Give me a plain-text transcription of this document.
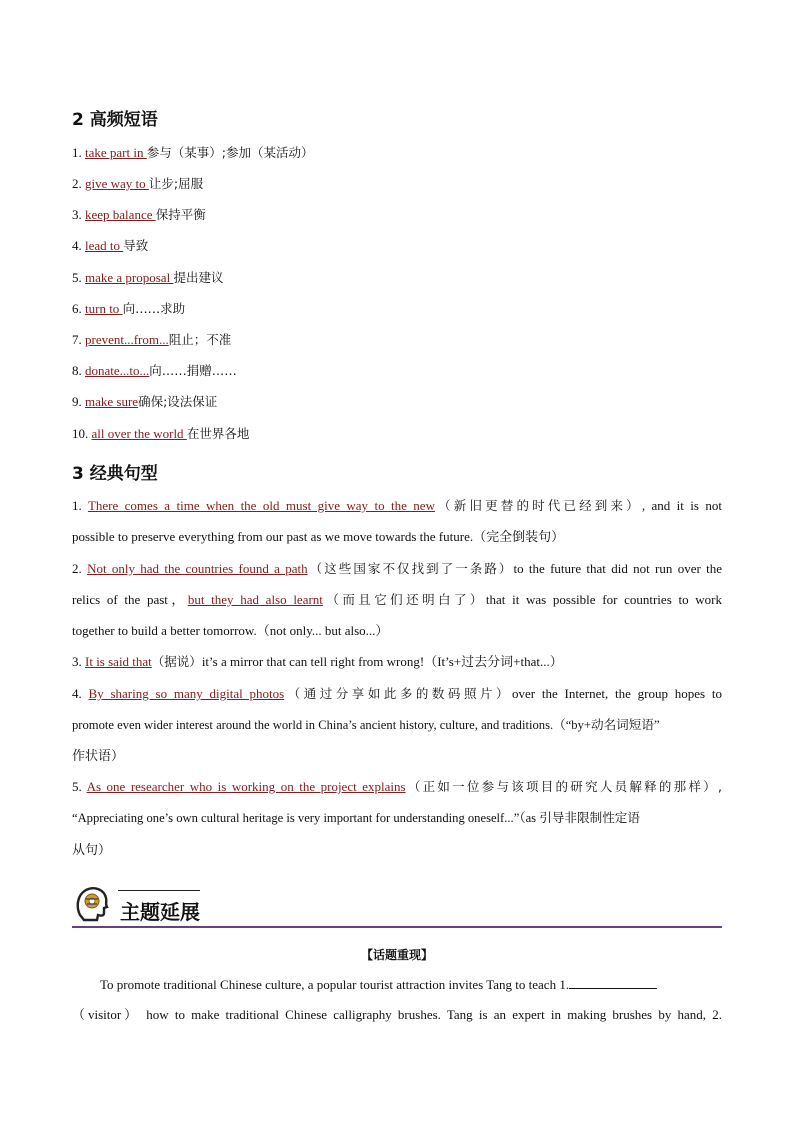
2 高频短语
1. take part in 参与（某事）;参加（某活动）
2. give way to 让步;屈服
3. keep balance 保持平衡
4. lead to 导致
5. make a proposal 提出建议
6. turn to 向……求助
7. prevent...from...阻止；不准
8. donate...to...向……捐赠……
9. make sure确保;设法保证
10. all over the world 在世界各地
3 经典句型
1. There comes a time when the old must give way to the new（新旧更替的时代已经到来）, and it is not
possible to preserve everything from our past as we move towards the future.（完全倒装句）
2. Not only had the countries found a path（这些国家不仅找到了一条路）to the future that did not run over the
relics of the past，but they had also learnt（而且它们还明白了）that it was possible for countries to work
together to build a better tomorrow.（not only... but also...）
3. It is said that（据说）it’s a mirror that can tell right from wrong!（It’s+过去分词+that...）
4. By sharing so many digital photos（通过分享如此多的数码照片）over the Internet, the group hopes to
promote even wider interest around the world in China’s ancient history, culture, and traditions.（“by+动名词短语”
作状语）
5. As one researcher who is working on the project explains（正如一位参与该项目的研究人员解释的那样）,
“Appreciating one’s own cultural heritage is very important for understanding oneself...”（as 引导非限制性定语
从句）
主题延展
【话题重现】
To promote traditional Chinese culture, a popular tourist attraction invites Tang to teach 1.
（visitor） how to make traditional Chinese calligraphy brushes. Tang is an expert in making brushes by hand, 2.
